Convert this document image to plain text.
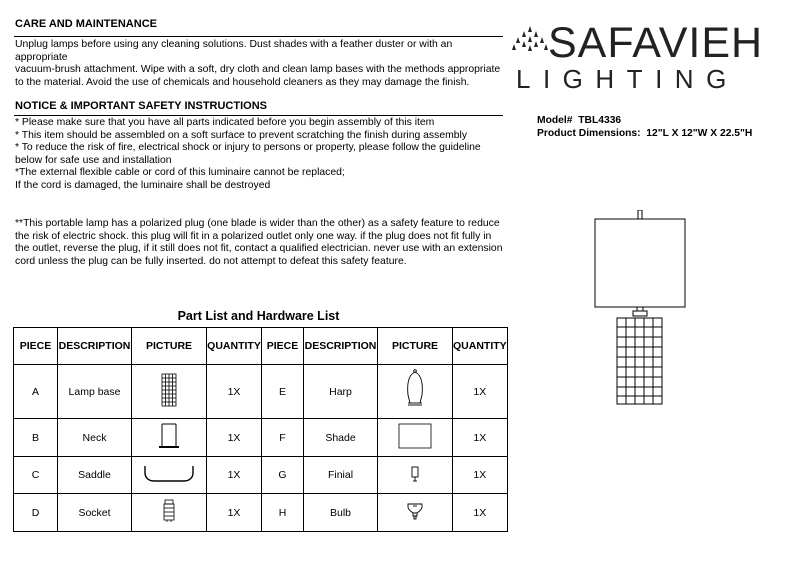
CARE AND MAINTENANCE
Unplug lamps before using any cleaning solutions. Dust shades with a feather duster or with an
appropriate
vacuum-brush attachment. Wipe with a soft, dry cloth and clean lamp bases with the methods appropriate
to the material. Avoid the use of chemicals and household cleaners as they may damage the finish.
NOTICE & IMPORTANT SAFETY INSTRUCTIONS
* Please make sure that you have all parts indicated before you begin assembly of this item
* This item should be assembled on a soft surface to prevent scratching the finish during assembly
* To reduce the risk of fire, electrical shock or injury to persons or property, please follow the guideline
below for safe use and installation
*The external flexible cable or cord of this luminaire cannot be replaced;
If the cord is damaged, the luminaire shall be destroyed
**This portable lamp has a polarized plug (one blade is wider than the other) as a safety feature to reduce
the risk of electric shock. this plug will fit in a polarized outlet only one way. if the plug does not fit fully in
the outlet, reverse the plug, if it still does not fit, contact a qualified electrician. never use with an extension
cord unless the plug can be fully inserted. do not attempt to defeat this safety feature.
SAFAVIEH
LIGHTING
Model# TBL4336
Product Dimensions: 12"L X 12"W X 22.5"H
Part List and Hardware List
PIECE	DESCRIPTION	PICTURE	QUANTITY	PIECE	DESCRIPTION	PICTURE	QUANTITY
A	Lamp base		1X	E	Harp		1X
B	Neck		1X	F	Shade		1X
C	Saddle		1X	G	Finial		1X
D	Socket		1X	H	Bulb		1X
